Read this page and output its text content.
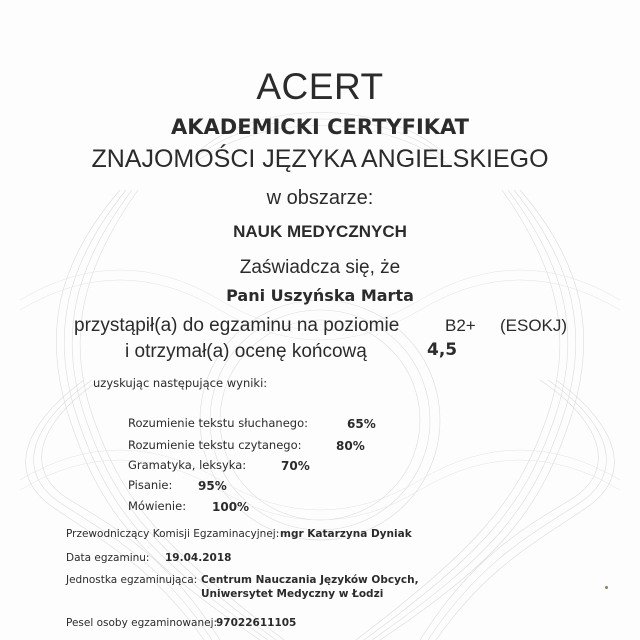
ACERT
AKADEMICKI CERTYFIKAT
ZNAJOMOŚCI JĘZYKA ANGIELSKIEGO
w obszarze:
NAUK MEDYCZNYCH
Zaświadcza się, że
Pani Uszyńska Marta
przystąpił(a) do egzaminu na poziomie	B2+ (ESOKJ)
i otrzymał(a) ocenę końcową	4,5
uzyskując następujące wyniki:
Rozumienie tekstu słuchanego:	65%
Rozumienie tekstu czytanego:	80%
Gramatyka, leksyka:	70%
Pisanie: 95%
Mówienie: 100%
Przewodniczący Komisji Egzaminacyjnej: mgr Katarzyna Dyniak
Data egzaminu: 19.04.2018
Jednostka egzaminująca: Centrum Nauczania Języków Obcych,
Uniwersytet Medyczny w Łodzi
Pesel osoby egzaminowanej:
97022611105
